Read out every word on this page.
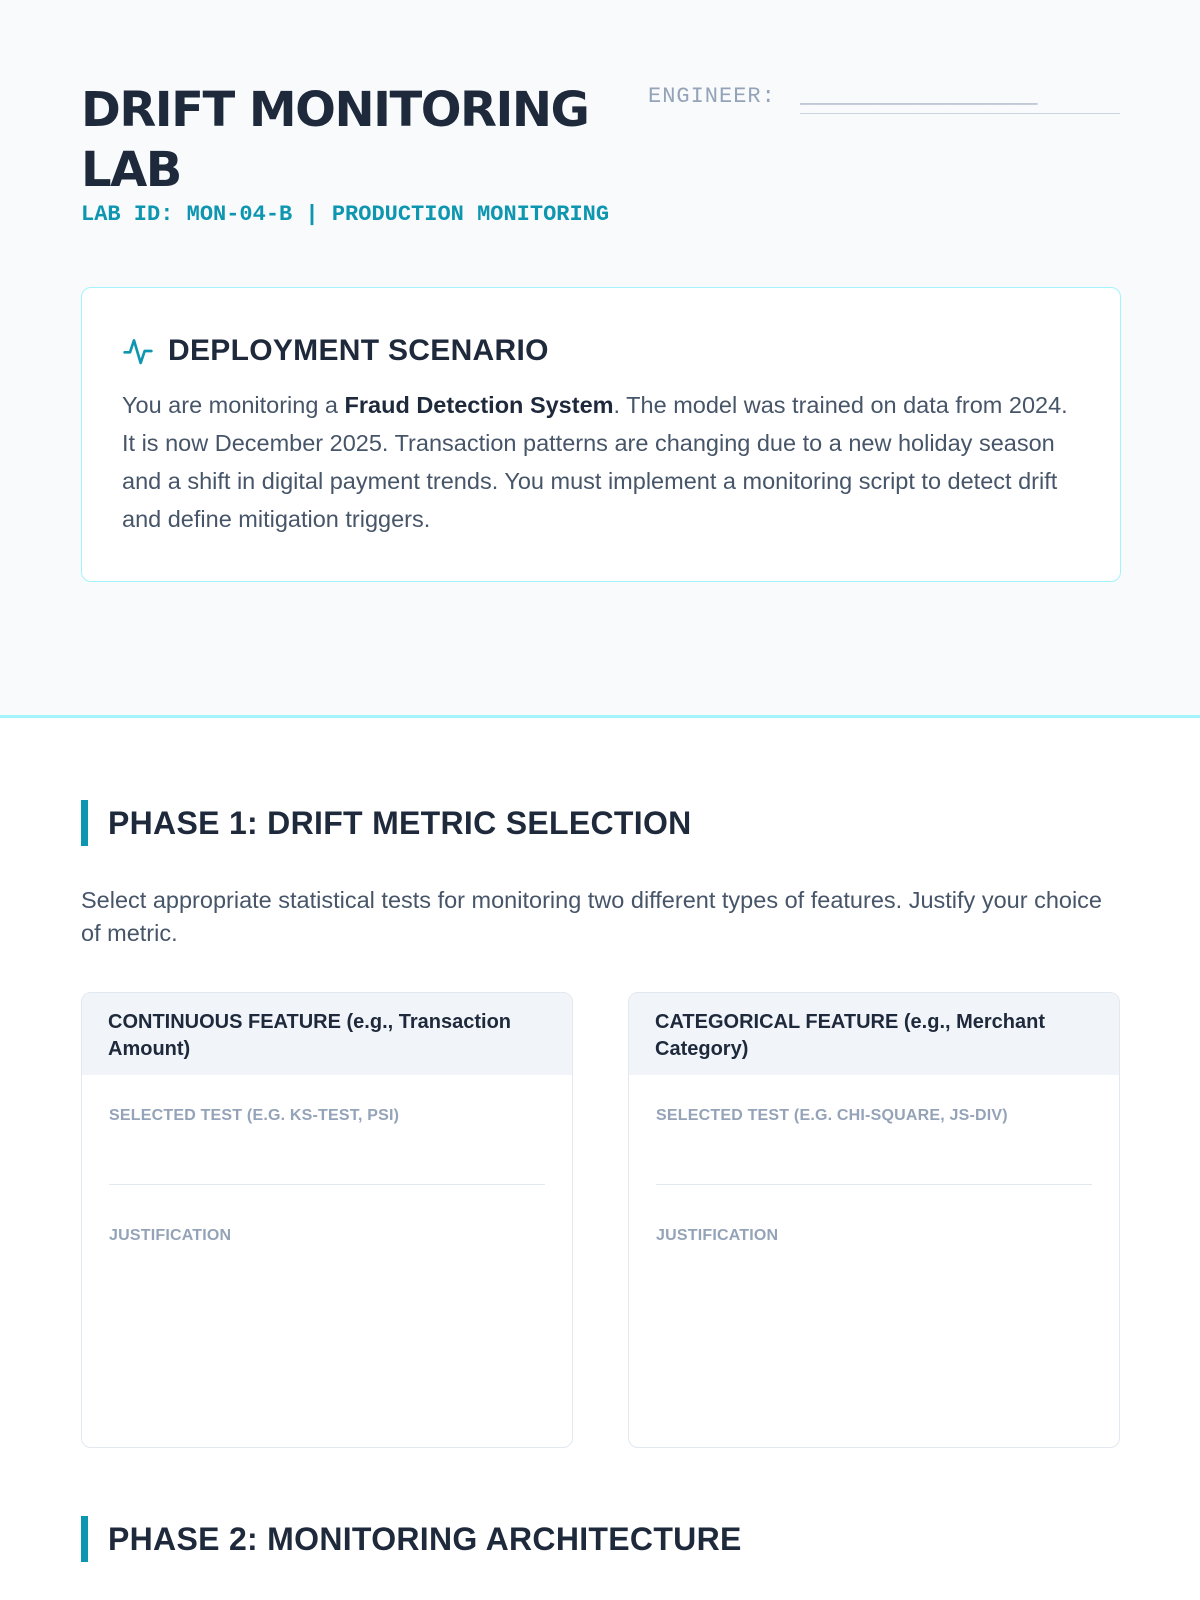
DRIFT MONITORING LAB
ENGINEER: __________________
LAB ID: MON-04-B | PRODUCTION MONITORING
DEPLOYMENT SCENARIO

You are monitoring a Fraud Detection System. The model was trained on data from 2024. It is now December 2025. Transaction patterns are changing due to a new holiday season and a shift in digital payment trends. You must implement a monitoring script to detect drift and define mitigation triggers.

PHASE 1: DRIFT METRIC SELECTION

Select appropriate statistical tests for monitoring two different types of features. Justify your choice of metric.

CONTINUOUS FEATURE (e.g., Transaction Amount)
SELECTED TEST (E.G. KS-TEST, PSI)
JUSTIFICATION
CATEGORICAL FEATURE (e.g., Merchant Category)
SELECTED TEST (E.G. CHI-SQUARE, JS-DIV)
JUSTIFICATION
PHASE 2: MONITORING ARCHITECTURE
